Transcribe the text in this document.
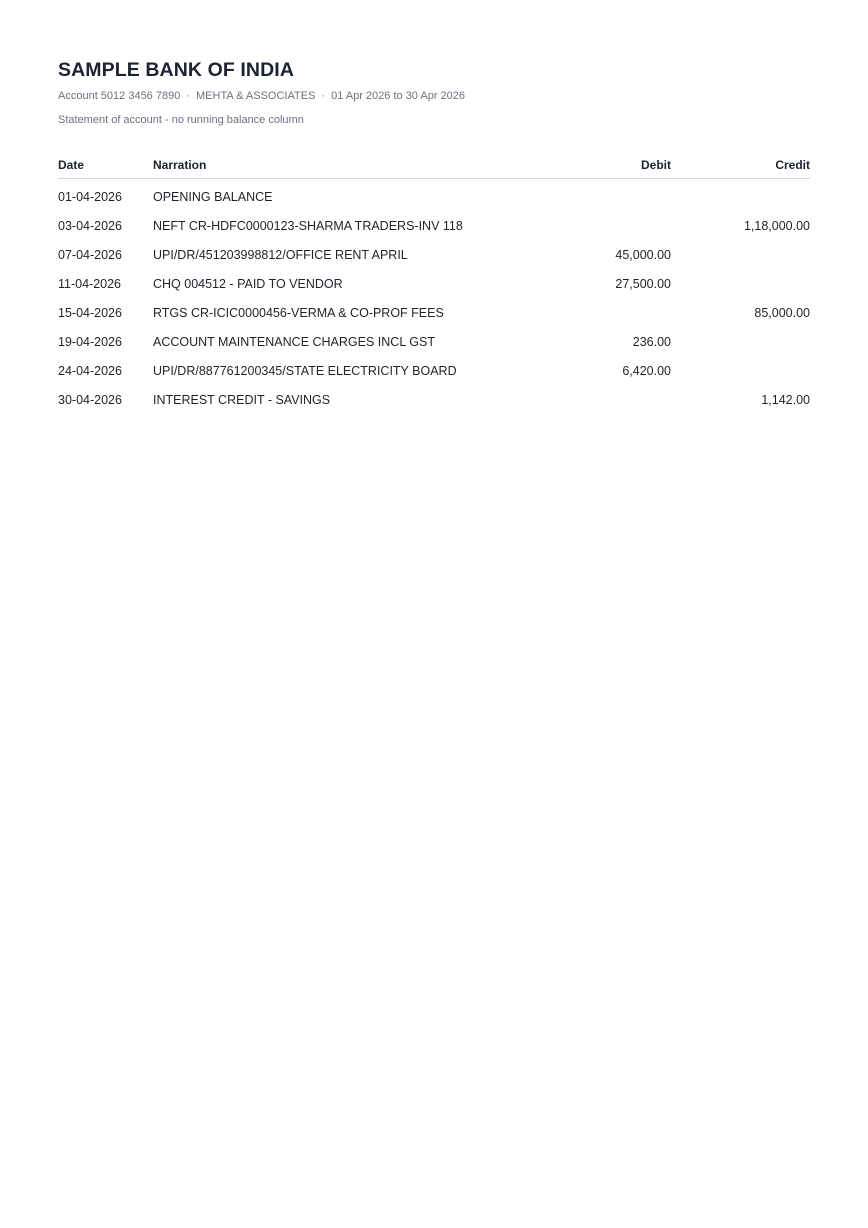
SAMPLE BANK OF INDIA
Account 5012 3456 7890 · MEHTA & ASSOCIATES · 01 Apr 2026 to 30 Apr 2026
Statement of account - no running balance column
Date	Narration	Debit	Credit
01-04-2026	OPENING BALANCE		
03-04-2026	NEFT CR-HDFC0000123-SHARMA TRADERS-INV 118		1,18,000.00
07-04-2026	UPI/DR/451203998812/OFFICE RENT APRIL	45,000.00	
11-04-2026	CHQ 004512 - PAID TO VENDOR	27,500.00	
15-04-2026	RTGS CR-ICIC0000456-VERMA & CO-PROF FEES		85,000.00
19-04-2026	ACCOUNT MAINTENANCE CHARGES INCL GST	236.00	
24-04-2026	UPI/DR/887761200345/STATE ELECTRICITY BOARD	6,420.00	
30-04-2026	INTEREST CREDIT - SAVINGS		1,142.00
